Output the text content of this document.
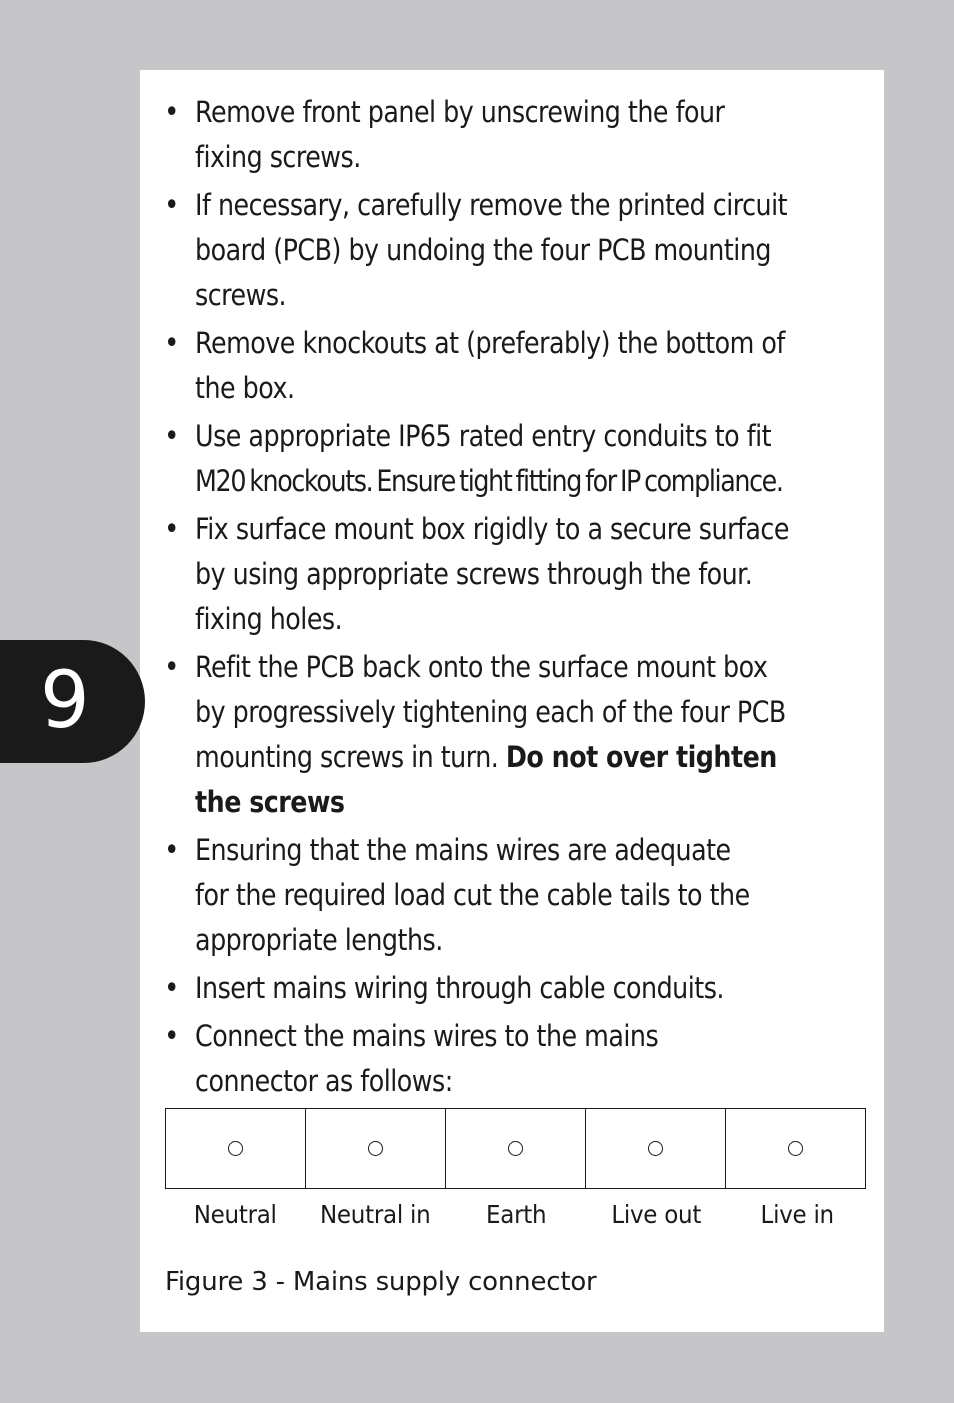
9
• Remove front panel by unscrewing the four
fixing screws.
• If necessary, carefully remove the printed circuit
board (PCB) by undoing the four PCB mounting
screws.
• Remove knockouts at (preferably) the bottom of
the box.
• Use appropriate IP65 rated entry conduits to fit
M20 knockouts. Ensure tight fitting for IP compliance.
• Fix surface mount box rigidly to a secure surface
by using appropriate screws through the four.
fixing holes.
• Refit the PCB back onto the surface mount box
by progressively tightening each of the four PCB
mounting screws in turn. Do not over tighten
the screws
• Ensuring that the mains wires are adequate
for the required load cut the cable tails to the
appropriate lengths.
• Insert mains wiring through cable conduits.
• Connect the mains wires to the mains
connector as follows:
Neutral	Neutral in	Earth	Live out	Live in
Figure 3 - Mains supply connector
